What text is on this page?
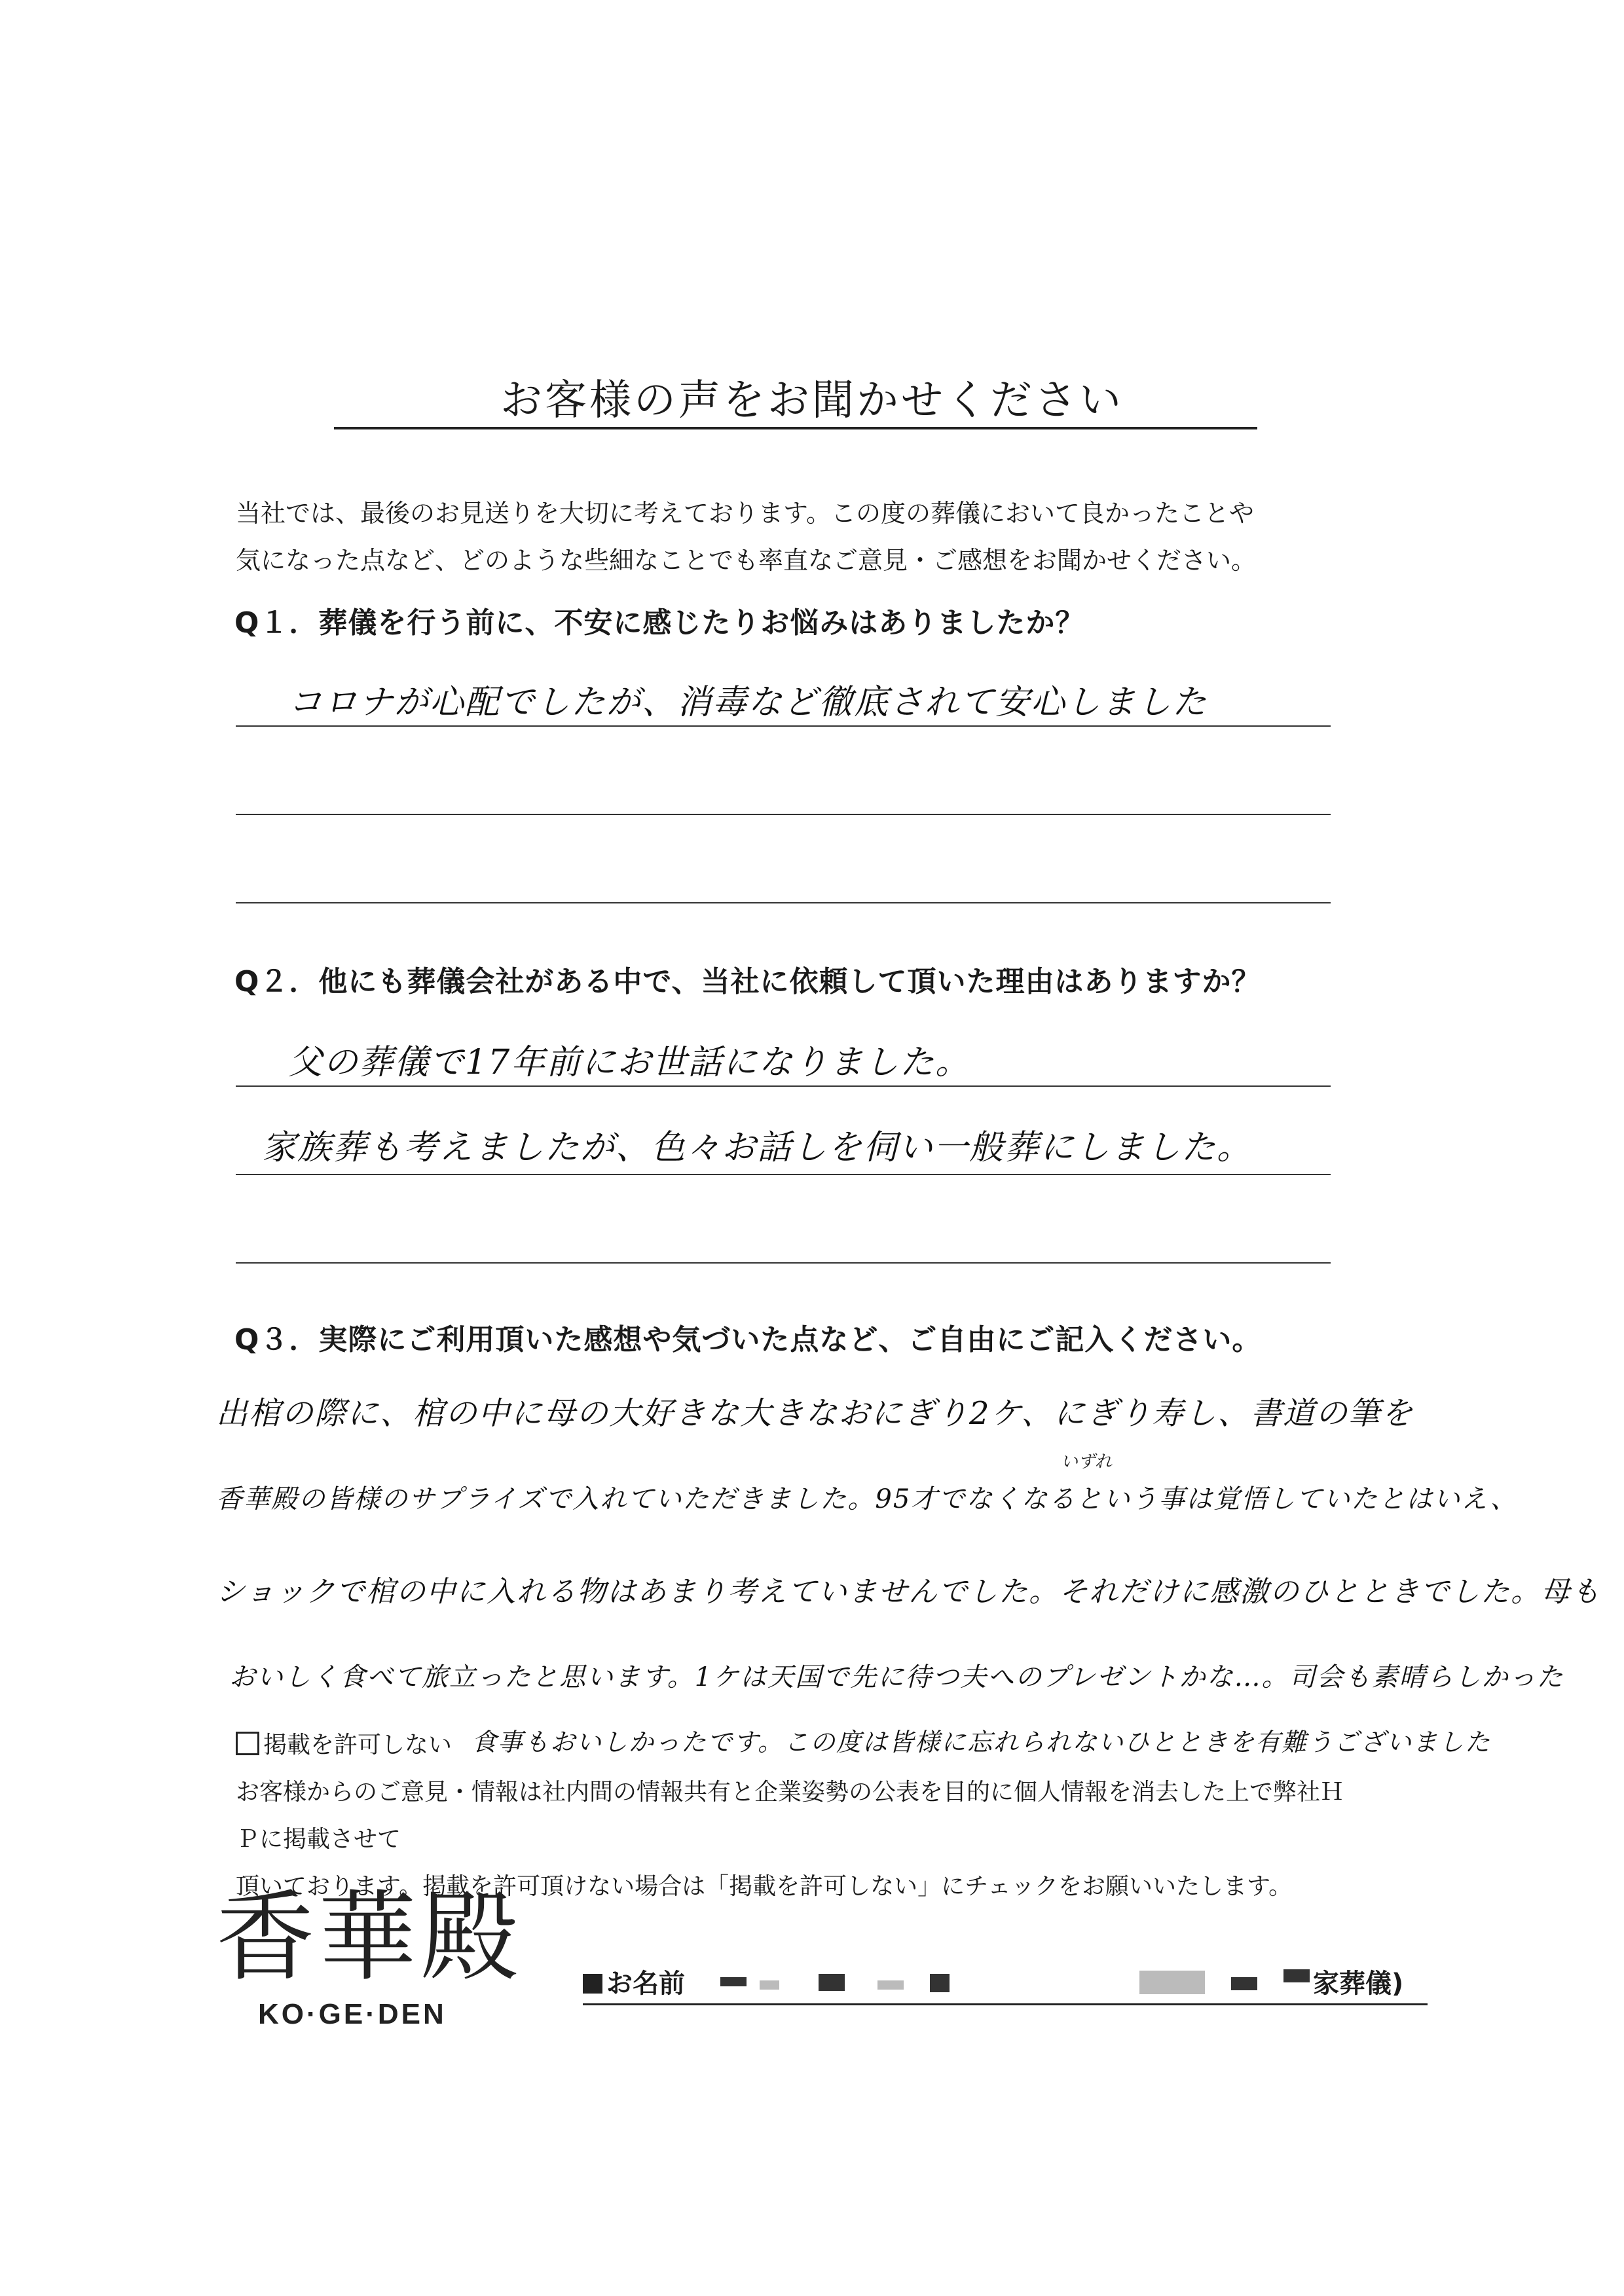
お客様の声をお聞かせください
当社では、最後のお見送りを大切に考えております。この度の葬儀において良かったことや
気になった点など、どのような些細なことでも率直なご意見・ご感想をお聞かせください。
Q１．葬儀を行う前に、不安に感じたりお悩みはありましたか？
コロナが心配でしたが、消毒など徹底されて安心しました
Q２．他にも葬儀会社がある中で、当社に依頼して頂いた理由はありますか？
父の葬儀で17年前にお世話になりました。
家族葬も考えましたが、色々お話しを伺い一般葬にしました。
Q３．実際にご利用頂いた感想や気づいた点など、ご自由にご記入ください。
出棺の際に、棺の中に母の大好きな大きなおにぎり2ケ、にぎり寿し、書道の筆を
いずれ
香華殿の皆様のサプライズで入れていただきました。95才でなくなるという事は覚悟していたとはいえ、
ショックで棺の中に入れる物はあまり考えていませんでした。それだけに感激のひとときでした。母も
おいしく食べて旅立ったと思います。1ケは天国で先に待つ夫へのプレゼントかな…。司会も素晴らしかった
食事もおいしかったです。この度は皆様に忘れられないひとときを有難うございました
掲載を許可しない
お客様からのご意見・情報は社内間の情報共有と企業姿勢の公表を目的に個人情報を消去した上で弊社ＨＰに掲載させて
頂いております。掲載を許可頂けない場合は「掲載を許可しない」にチェックをお願いいたします。
香華殿
KO·GE·DEN
お名前	家葬儀)
